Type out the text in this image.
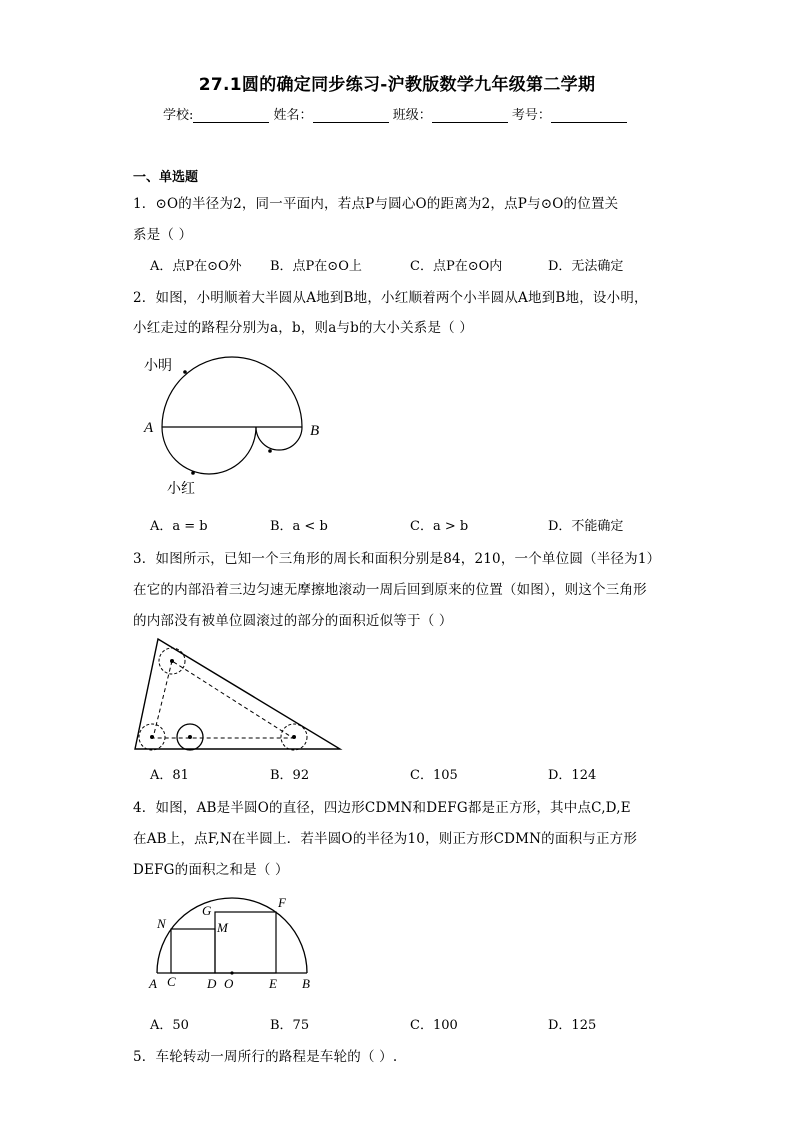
27.1圆的确定同步练习-沪教版数学九年级第二学期
学校:	姓名：	班级：	考号：
一、单选题
1．⊙O的半径为2，同一平面内，若点P与圆心O的距离为2，点P与⊙O的位置关
系是（ ）
A．点P在⊙O外 B．点P在⊙O上	C．点P在⊙O内	D．无法确定
2．如图，小明顺着大半圆从A地到B地，小红顺着两个小半圆从A地到B地，设小明，
小红走过的路程分别为a，b，则a与b的大小关系是（ ）
小明
小红
A	B
A．a = b	B．a < b	C．a > b	D．不能确定
3．如图所示，已知一个三角形的周长和面积分别是84，210，一个单位圆（半径为1）
在它的内部沿着三边匀速无摩擦地滚动一周后回到原来的位置（如图），则这个三角形
的内部没有被单位圆滚过的部分的面积近似等于（ ）
A．81	B．92	C．105	D．124
4．如图，AB是半圆O的直径，四边形CDMN和DEFG都是正方形，其中点C,D,E
在AB上，点F,N在半圆上．若半圆O的半径为10，则正方形CDMN的面积与正方形
DEFG的面积之和是（ ）
A C D O	E B
F
G
M
N
A．50	B．75	C．100	D．125
5．车轮转动一周所行的路程是车轮的（ ）.
